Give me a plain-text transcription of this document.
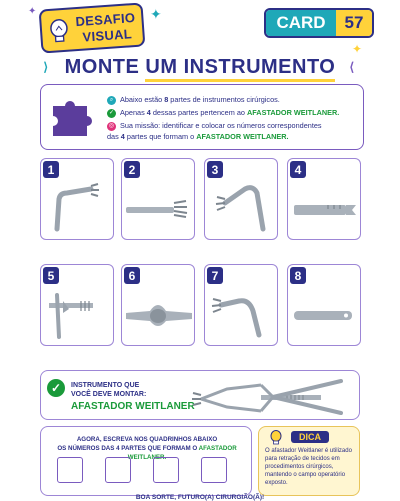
DESAFIO
VISUAL
✦
✦
CARD	57
✦
⟩ MONTE UM INSTRUMENTO ⟨
⌕ Abaixo estão 8 partes de instrumentos cirúrgicos.
✓ Apenas 4 dessas partes pertencem ao AFASTADOR WEITLANER.
◎ Sua missão: identificar e colocar os números correspondentes
das 4 partes que formam o AFASTADOR WEITLANER.
1	2	3	4
5	6	7	8
✓	INSTRUMENTO QUE VOCÊ DEVE MONTAR:
AFASTADOR WEITLANER
AGORA, ESCREVA NOS QUADRINHOS ABAIXO
OS NÚMEROS DAS 4 PARTES QUE FORMAM O AFASTADOR WEITLANER.
DICA
O afastador Weitlaner é utilizado para retração de tecidos em procedimentos cirúrgicos, mantendo o campo operatório exposto.
BOA SORTE, FUTURO(A) CIRURGIÃO(Ã)!
